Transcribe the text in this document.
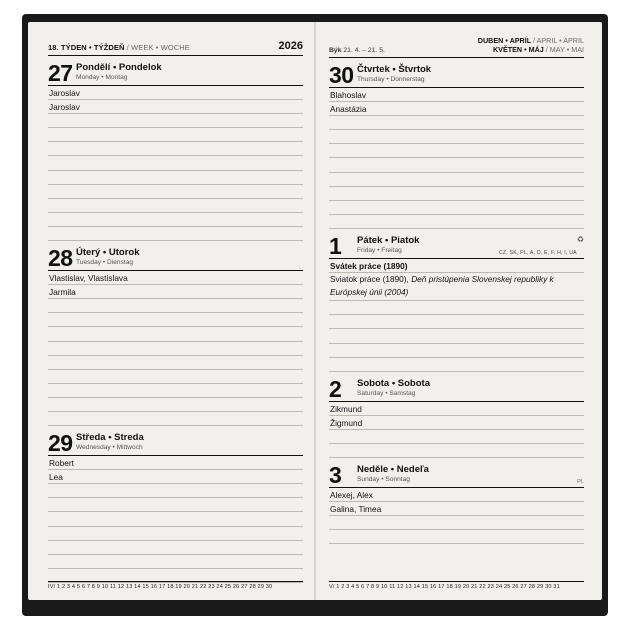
18. TÝDEN • TÝŽDEŇ / WEEK • WOCHE	2026
27 Pondělí • Pondelok
Monday • Montag
Jaroslav
Jaroslav
28 Úterý • Utorok
Tuesday • Dienstag
Vlastislav, Vlastislava
Jarmila
29 Středa • Streda
Wednesday • Mittwoch
Robert
Lea
IV/ 1 2 3 4 5 6 7 8 9 10 11 12 13 14 15 16 17 18 19 20 21 22 23 24 25 26 27 28 29 30
Býk 21. 4. – 21. 5.
DUBEN • APRÍL / APRIL • APRIL
KVĚTEN • MÁJ / MAY • MAI
30 Čtvrtek • Štvrtok
Thursday • Donnerstag
Blahoslav
Anastázia
1	Pátek • Piatok
Friday • Freitag	CZ, SK, PL, A, D, E, F, H, I, UA
♻
Svátek práce (1890)
Sviatok práce (1890), Deň pristúpenia Slovenskej republiky k Európskej únii (2004)
2	Sobota • Sobota
Saturday • Samstag
Zikmund
Žigmund
3	Neděle • Nedeľa
Sunday • Sonntag	PL
Alexej, Alex
Galina, Timea
V/ 1 2 3 4 5 6 7 8 9 10 11 12 13 14 15 16 17 18 19 20 21 22 23 24 25 26 27 28 29 30 31
